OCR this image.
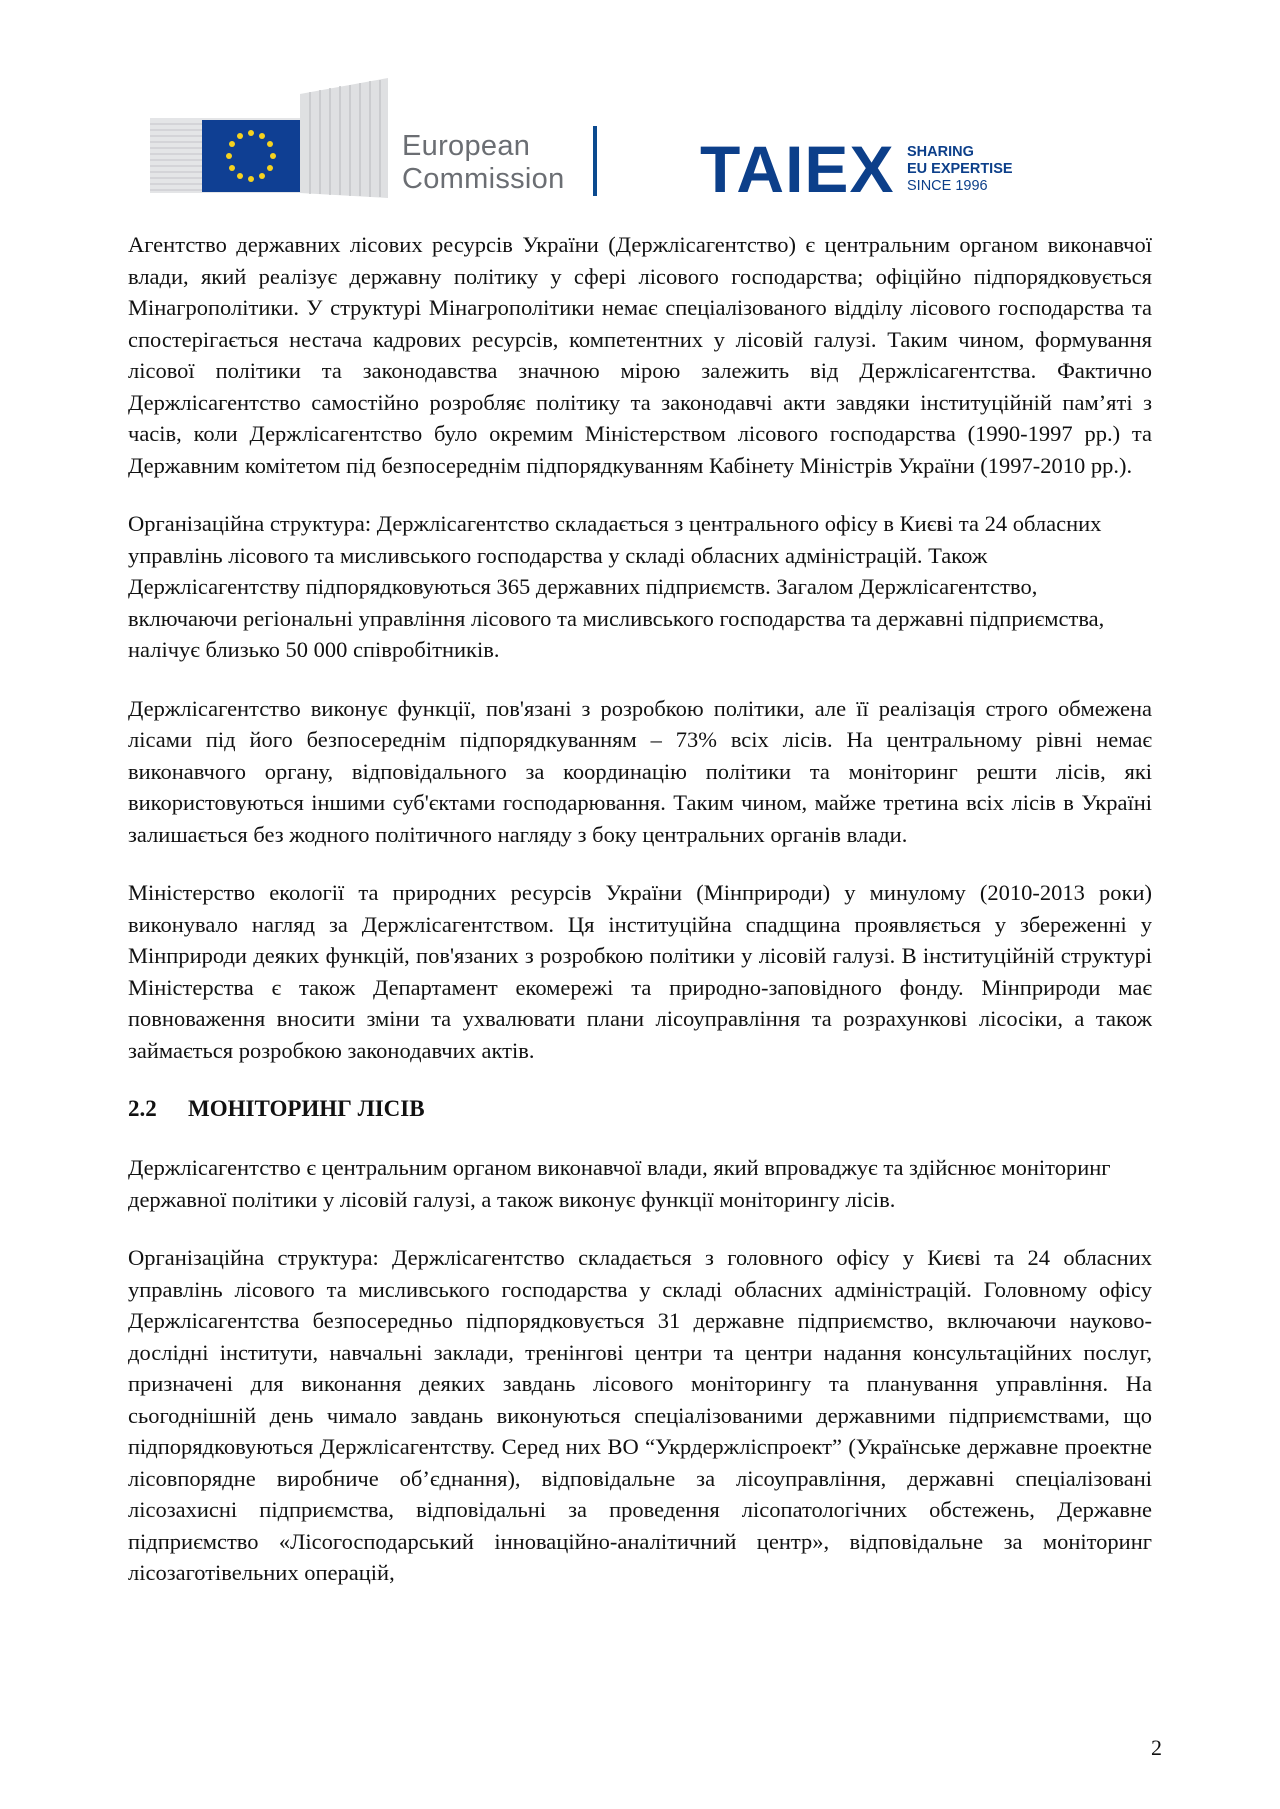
European
Commission TAIEX SHARING
EU EXPERTISE
SINCE 1996

Агентство державних лісових ресурсів України (Держлісагентство) є центральним органом виконавчої влади, який реалізує державну політику у сфері лісового господарства; офіційно підпорядковується Мінагрополітики. У структурі Мінагрополітики немає спеціалізованого відділу лісового господарства та спостерігається нестача кадрових ресурсів, компетентних у лісовій галузі. Таким чином, формування лісової політики та законодавства значною мірою залежить від Держлісагентства. Фактично Держлісагентство самостійно розробляє політику та законодавчі акти завдяки інституційній пам’яті з часів, коли Держлісагентство було окремим Міністерством лісового господарства (1990-1997 рр.) та Державним комітетом під безпосереднім підпорядкуванням Кабінету Міністрів України (1997-2010 рр.).

Організаційна структура: Держлісагентство складається з центрального офісу в Києві та 24 обласних управлінь лісового та мисливського господарства у складі обласних адміністрацій. Також Держлісагентству підпорядковуються 365 державних підприємств. Загалом Держлісагентство, включаючи регіональні управління лісового та мисливського господарства та державні підприємства, налічує близько 50 000 співробітників.

Держлісагентство виконує функції, пов'язані з розробкою політики, але її реалізація строго обмежена лісами під його безпосереднім підпорядкуванням – 73% всіх лісів. На центральному рівні немає виконавчого органу, відповідального за координацію політики та моніторинг решти лісів, які використовуються іншими суб'єктами господарювання. Таким чином, майже третина всіх лісів в Україні залишається без жодного політичного нагляду з боку центральних органів влади.

Міністерство екології та природних ресурсів України (Мінприроди) у минулому (2010-2013 роки) виконувало нагляд за Держлісагентством. Ця інституційна спадщина проявляється у збереженні у Мінприроди деяких функцій, пов'язаних з розробкою політики у лісовій галузі. В інституційній структурі Міністерства є також Департамент екомережі та природно-заповідного фонду. Мінприроди має повноваження вносити зміни та ухвалювати плани лісоуправління та розрахункові лісосіки, а також займається розробкою законодавчих актів.

2.2 МОНІТОРИНГ ЛІСІВ

Держлісагентство є центральним органом виконавчої влади, який впроваджує та здійснює моніторинг державної політики у лісовій галузі, а також виконує функції моніторингу лісів.

Організаційна структура: Держлісагентство складається з головного офісу у Києві та 24 обласних управлінь лісового та мисливського господарства у складі обласних адміністрацій. Головному офісу Держлісагентства безпосередньо підпорядковується 31 державне підприємство, включаючи науково-дослідні інститути, навчальні заклади, тренінгові центри та центри надання консультаційних послуг, призначені для виконання деяких завдань лісового моніторингу та планування управління. На сьогоднішній день чимало завдань виконуються спеціалізованими державними підприємствами, що підпорядковуються Держлісагентству. Серед них ВО “Укрдержліспроект” (Українське державне проектне лісовпорядне виробниче об’єднання), відповідальне за лісоуправління, державні спеціалізовані лісозахисні підприємства, відповідальні за проведення лісопатологічних обстежень, Державне підприємство «Лісогосподарський інноваційно-аналітичний центр», відповідальне за моніторинг лісозаготівельних операцій,

2
